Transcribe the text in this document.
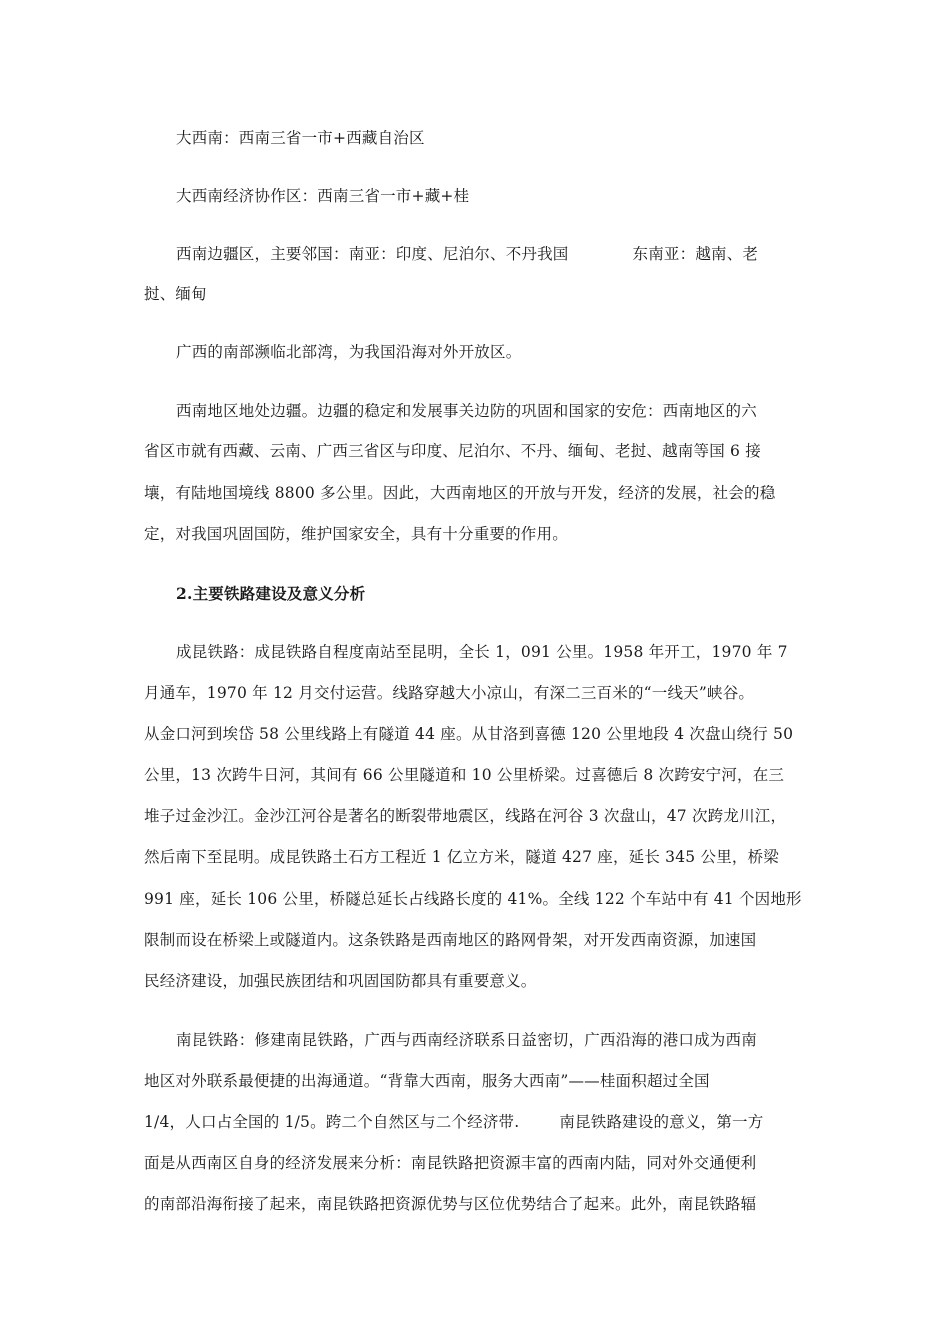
大西南：西南三省一市+西藏自治区
大西南经济协作区：西南三省一市+藏+桂
西南边疆区，主要邻国：南亚：印度、尼泊尔、不丹我国	东南亚：越南、老
挝、缅甸
广西的南部濒临北部湾，为我国沿海对外开放区。
西南地区地处边疆。边疆的稳定和发展事关边防的巩固和国家的安危：西南地区的六
省区市就有西藏、云南、广西三省区与印度、尼泊尔、不丹、缅甸、老挝、越南等国 6 接
壤，有陆地国境线 8800 多公里。因此，大西南地区的开放与开发，经济的发展，社会的稳
定，对我国巩固国防，维护国家安全，具有十分重要的作用。
2.主要铁路建设及意义分析
成昆铁路：成昆铁路自程度南站至昆明，全长 1，091 公里。1958 年开工，1970 年 7
月通车，1970 年 12 月交付运营。线路穿越大小凉山，有深二三百米的“一线天”峡谷。
从金口河到埃岱 58 公里线路上有隧道 44 座。从甘洛到喜德 120 公里地段 4 次盘山绕行 50
公里，13 次跨牛日河，其间有 66 公里隧道和 10 公里桥梁。过喜德后 8 次跨安宁河，在三
堆子过金沙江。金沙江河谷是著名的断裂带地震区，线路在河谷 3 次盘山，47 次跨龙川江，
然后南下至昆明。成昆铁路土石方工程近 1 亿立方米，隧道 427 座，延长 345 公里，桥梁
991 座，延长 106 公里，桥隧总延长占线路长度的 41%。全线 122 个车站中有 41 个因地形
限制而设在桥梁上或隧道内。这条铁路是西南地区的路网骨架，对开发西南资源，加速国
民经济建设，加强民族团结和巩固国防都具有重要意义。
南昆铁路：修建南昆铁路，广西与西南经济联系日益密切，广西沿海的港口成为西南
地区对外联系最便捷的出海通道。“背靠大西南，服务大西南”——桂面积超过全国
1/4，人口占全国的 1/5。跨二个自然区与二个经济带.	南昆铁路建设的意义，第一方
面是从西南区自身的经济发展来分析：南昆铁路把资源丰富的西南内陆，同对外交通便利
的南部沿海衔接了起来，南昆铁路把资源优势与区位优势结合了起来。此外，南昆铁路辐
